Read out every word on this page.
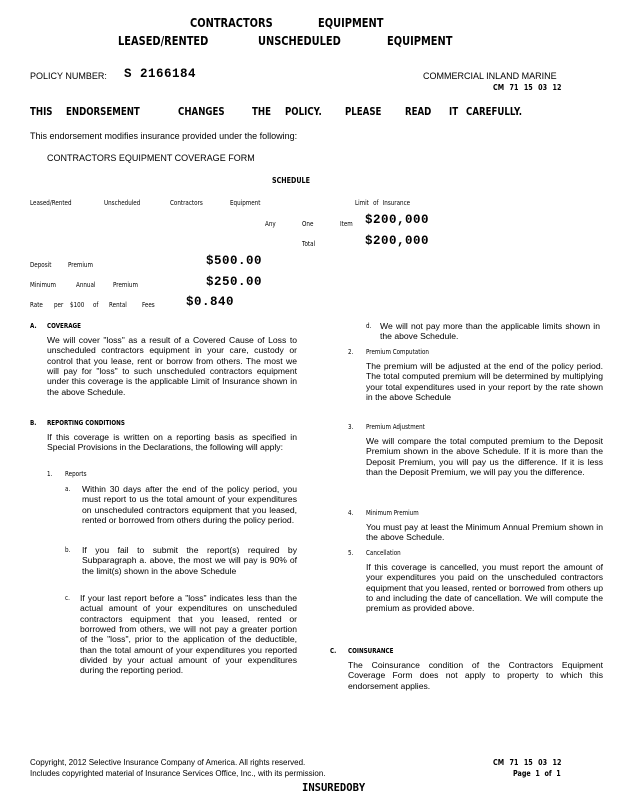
CONTRACTORS	EQUIPMENT
LEASED/RENTED	UNSCHEDULED	EQUIPMENT
POLICY NUMBER: S 2166184	COMMERCIAL INLAND MARINE
CM 71 15 03 12
THIS ENDORSEMENT	CHANGES	THE POLICY. PLEASE READ IT CAREFULLY.
This endorsement modifies insurance provided under the following:
CONTRACTORS EQUIPMENT COVERAGE FORM
SCHEDULE
Leased/Rented	Unscheduled	Contractors	Equipment	Limit of Insurance
Any	One	Item $200,000
Total	$200,000
Deposit Premium	$500.00
Minimum	Annual	Premium	$250.00
Rate per $100 of Rental Fees	$0.840
A. COVERAGE
We will cover "loss" as a result of a Covered Cause of Loss to unscheduled contractors equipment in your care, custody or control that you lease, rent or borrow from others. The most we will pay for "loss" to such unscheduled contractors equipment under this coverage is the applicable Limit of Insurance shown in the above Schedule.
B. REPORTING CONDITIONS
If this coverage is written on a reporting basis as specified in Special Provisions in the Declarations, the following will apply:
1. Reports
a. Within 30 days after the end of the policy period, you must report to us the total amount of your expenditures on unscheduled contractors equipment that you leased, rented or borrowed from others during the policy period.
b. If you fail to submit the report(s) required by Subparagraph a. above, the most we will pay is 90% of the limit(s) shown in the above Schedule
c. If your last report before a "loss" indicates less than the actual amount of your expenditures on unscheduled contractors equipment that you leased, rented or borrowed from others, we will not pay a greater portion of the "loss", prior to the application of the deductible, than the total amount of your expenditures you reported divided by your actual amount of your expenditures during the reporting period.
d. We will not pay more than the applicable limits shown in the above Schedule.
2. Premium Computation
The premium will be adjusted at the end of the policy period. The total computed premium will be determined by multiplying your total expenditures used in your report by the rate shown in the above Schedule
3. Premium Adjustment
We will compare the total computed premium to the Deposit Premium shown in the above Schedule. If it is more than the Deposit Premium, you will pay us the difference. If it is less than the Deposit Premium, we will pay you the difference.
4. Minimum Premium
You must pay at least the Minimum Annual Premium shown in the above Schedule.
5. Cancellation
If this coverage is cancelled, you must report the amount of your expenditures you paid on the unscheduled contractors equipment that you leased, rented or borrowed from others up to and including the date of cancellation. We will compute the premium as provided above.
C. COINSURANCE
The Coinsurance condition of the Contractors Equipment Coverage Form does not apply to property to which this endorsement applies.
Copyright, 2012 Selective Insurance Company of America. All rights reserved.
Includes copyrighted material of Insurance Services Office, Inc., with its permission.
CM 71 15 03 12
Page 1 of 1
INSUREDOBY
